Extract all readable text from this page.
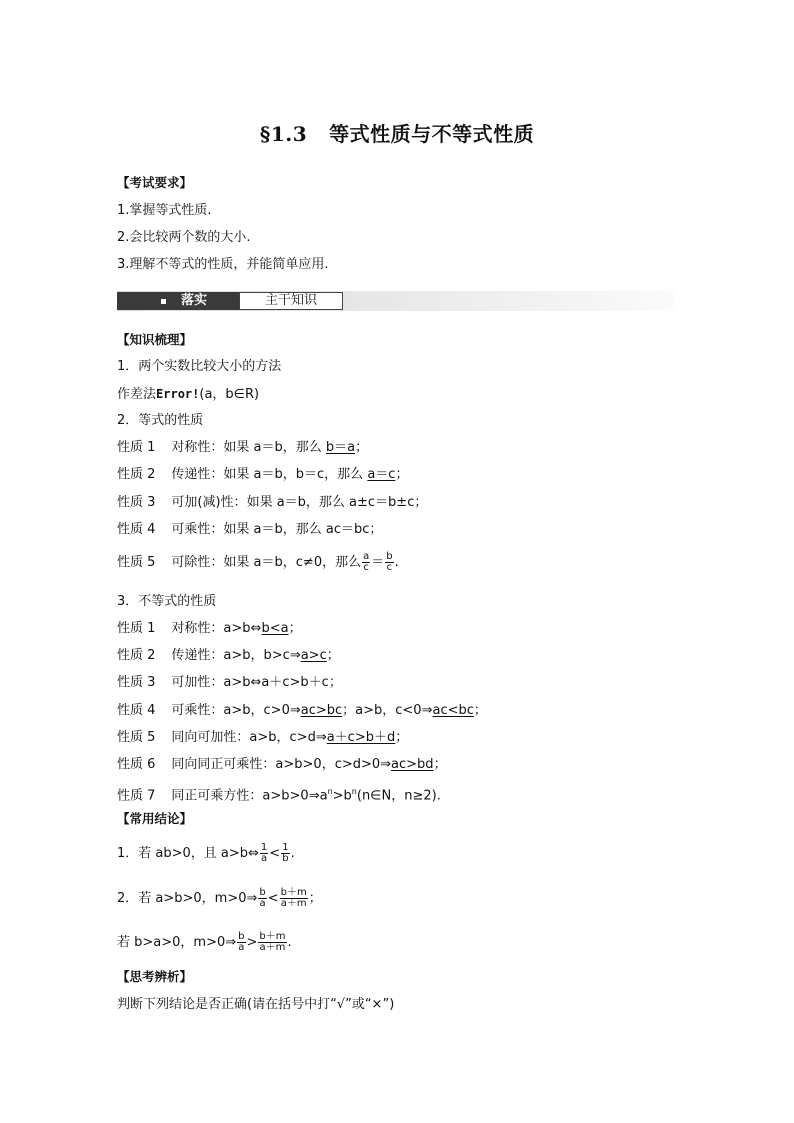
§1.3 等式性质与不等式性质
【考试要求】
1.掌握等式性质.
2.会比较两个数的大小.
3.理解不等式的性质，并能简单应用.
落实	主干知识
【知识梳理】
1．两个实数比较大小的方法
作差法Error!(a，b∈R)
2．等式的性质
性质 1 对称性：如果 a＝b，那么 b＝a；
性质 2 传递性：如果 a＝b，b＝c，那么 a＝c；
性质 3 可加(减)性：如果 a＝b，那么 a±c＝b±c；
性质 4 可乘性：如果 a＝b，那么 ac＝bc；
性质 5 可除性：如果 a＝b，c≠0，那么 $\frac{a}{c} = \frac{b}{c}$ .
3．不等式的性质
性质 1 对称性：a>b⇔b<a；
性质 2 传递性：a>b，b>c⇒a>c；
性质 3 可加性：a>b⇔a＋c>b＋c；
性质 4 可乘性：a>b，c>0⇒ac>bc；a>b，c<0⇒ac<bc；
性质 5 同向可加性：a>b，c>d⇒a＋c>b＋d；
性质 6 同向同正可乘性：a>b>0，c>d>0⇒ac>bd；
性质 7 同正可乘方性：$a>b>0\Rightarrow a^n>b^n(n\in N$，n≥2).
【常用结论】
1．若 ab>0，且 a>b⇔ $\frac{1}{a} < \frac{1}{b}$ .
2．若 a>b>0，m>0⇒ $\frac{b}{a} < \frac{b+m}{a+m}$ ；
若 b>a>0，m>0⇒ $\frac{b}{a} > \frac{b+m}{a+m}$ .
【思考辨析】
判断下列结论是否正确(请在括号中打“√”或“×”)
